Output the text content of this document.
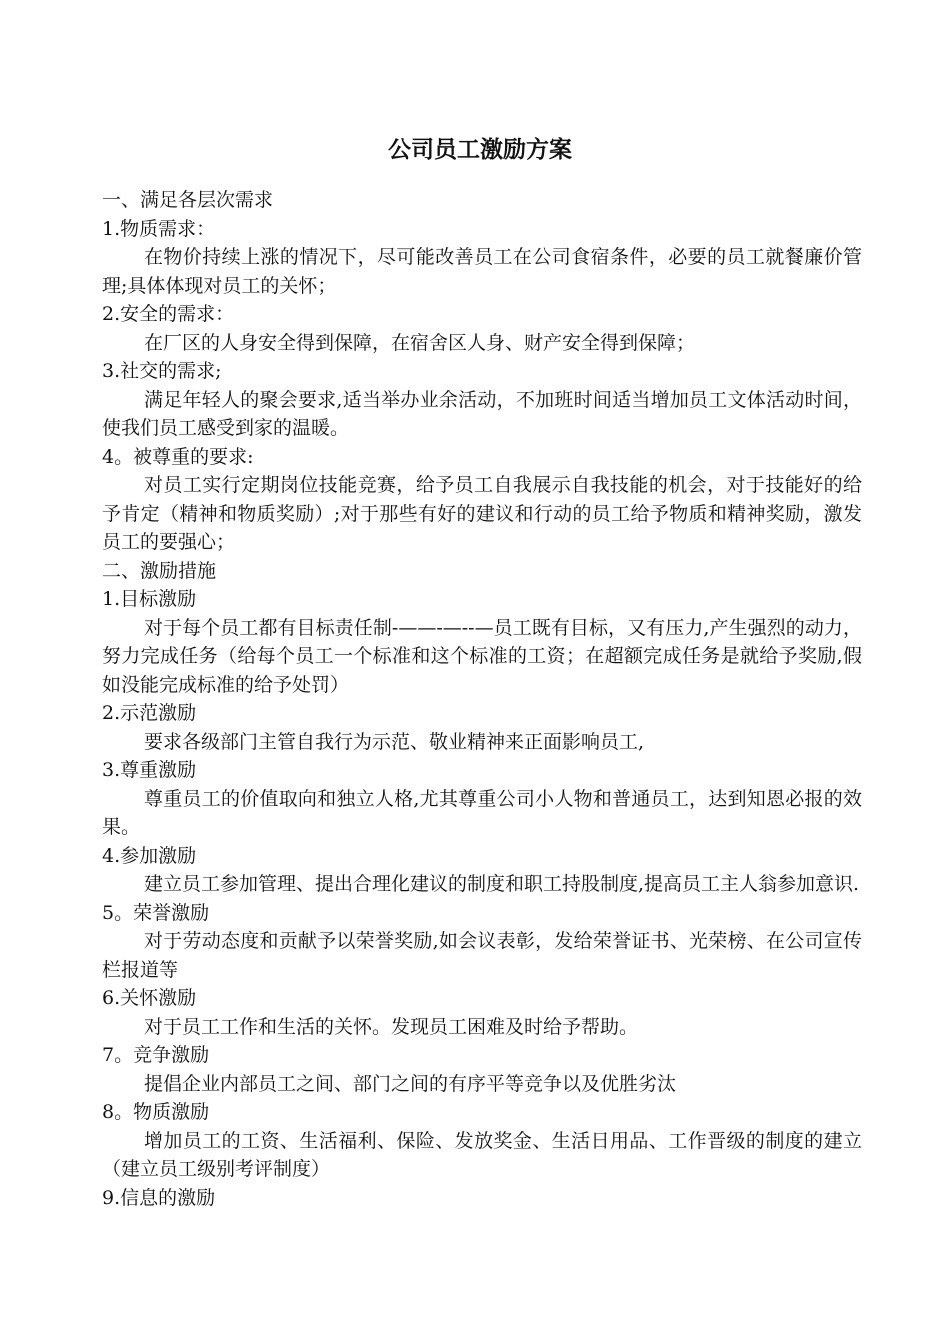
公司员工激励方案

一、满足各层次需求

1.物质需求：

在物价持续上涨的情况下，尽可能改善员工在公司食宿条件，必要的员工就餐廉价管理;具体体现对员工的关怀；

2.安全的需求：

在厂区的人身安全得到保障，在宿舍区人身、财产安全得到保障；

3.社交的需求;

满足年轻人的聚会要求,适当举办业余活动，不加班时间适当增加员工文体活动时间，使我们员工感受到家的温暖。

4。被尊重的要求:

对员工实行定期岗位技能竞赛，给予员工自我展示自我技能的机会，对于技能好的给予肯定（精神和物质奖励）;对于那些有好的建议和行动的员工给予物质和精神奖励，激发员工的要强心；

二、激励措施

1.目标激励

对于每个员工都有目标责任制-——-—--—员工既有目标，又有压力,产生强烈的动力，努力完成任务（给每个员工一个标准和这个标准的工资；在超额完成任务是就给予奖励,假如没能完成标准的给予处罚）

2.示范激励

要求各级部门主管自我行为示范、敬业精神来正面影响员工,

3.尊重激励

尊重员工的价值取向和独立人格,尤其尊重公司小人物和普通员工，达到知恩必报的效果。

4.参加激励

建立员工参加管理、提出合理化建议的制度和职工持股制度,提高员工主人翁参加意识.

5。荣誉激励

对于劳动态度和贡献予以荣誉奖励,如会议表彰，发给荣誉证书、光荣榜、在公司宣传栏报道等

6.关怀激励

对于员工工作和生活的关怀。发现员工困难及时给予帮助。

7。竞争激励

提倡企业内部员工之间、部门之间的有序平等竞争以及优胜劣汰

8。物质激励

增加员工的工资、生活福利、保险、发放奖金、生活日用品、工作晋级的制度的建立（建立员工级别考评制度）

9.信息的激励
